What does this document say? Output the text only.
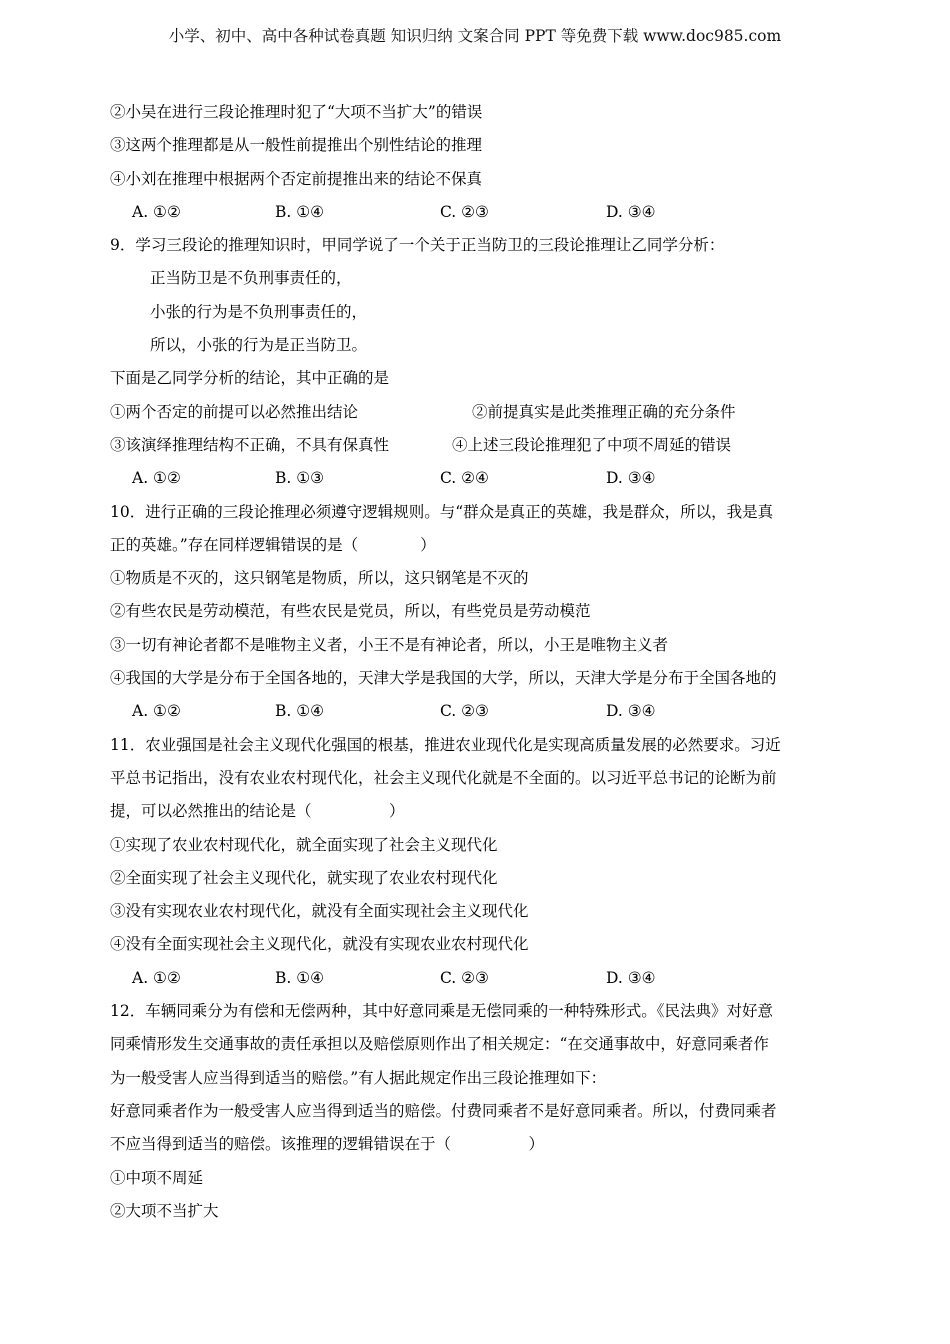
小学、初中、高中各种试卷真题 知识归纳 文案合同 PPT 等免费下载 www.doc985.com
②小吴在进行三段论推理时犯了“大项不当扩大”的错误
③这两个推理都是从一般性前提推出个别性结论的推理
④小刘在推理中根据两个否定前提推出来的结论不保真
A. ①②	B. ①④	C. ②③	D. ③④
9．学习三段论的推理知识时，甲同学说了一个关于正当防卫的三段论推理让乙同学分析：
正当防卫是不负刑事责任的，
小张的行为是不负刑事责任的，
所以，小张的行为是正当防卫。
下面是乙同学分析的结论，其中正确的是
①两个否定的前提可以必然推出结论	②前提真实是此类推理正确的充分条件
③该演绎推理结构不正确，不具有保真性	④上述三段论推理犯了中项不周延的错误
A. ①②	B. ①③	C. ②④	D. ③④
10．进行正确的三段论推理必须遵守逻辑规则。与“群众是真正的英雄，我是群众，所以，我是真
正的英雄。”存在同样逻辑错误的是（　　　　）
①物质是不灭的，这只钢笔是物质，所以，这只钢笔是不灭的
②有些农民是劳动模范，有些农民是党员，所以，有些党员是劳动模范
③一切有神论者都不是唯物主义者，小王不是有神论者，所以，小王是唯物主义者
④我国的大学是分布于全国各地的，天津大学是我国的大学，所以，天津大学是分布于全国各地的
A. ①②	B. ①④	C. ②③	D. ③④
11．农业强国是社会主义现代化强国的根基，推进农业现代化是实现高质量发展的必然要求。习近
平总书记指出，没有农业农村现代化，社会主义现代化就是不全面的。以习近平总书记的论断为前
提，可以必然推出的结论是（　　　　　）
①实现了农业农村现代化，就全面实现了社会主义现代化
②全面实现了社会主义现代化，就实现了农业农村现代化
③没有实现农业农村现代化，就没有全面实现社会主义现代化
④没有全面实现社会主义现代化，就没有实现农业农村现代化
A. ①②	B. ①④	C. ②③	D. ③④
12．车辆同乘分为有偿和无偿两种，其中好意同乘是无偿同乘的一种特殊形式。《民法典》对好意
同乘情形发生交通事故的责任承担以及赔偿原则作出了相关规定：“在交通事故中，好意同乘者作
为一般受害人应当得到适当的赔偿。”有人据此规定作出三段论推理如下：
好意同乘者作为一般受害人应当得到适当的赔偿。付费同乘者不是好意同乘者。所以，付费同乘者
不应当得到适当的赔偿。该推理的逻辑错误在于（　　　　　）
①中项不周延
②大项不当扩大
